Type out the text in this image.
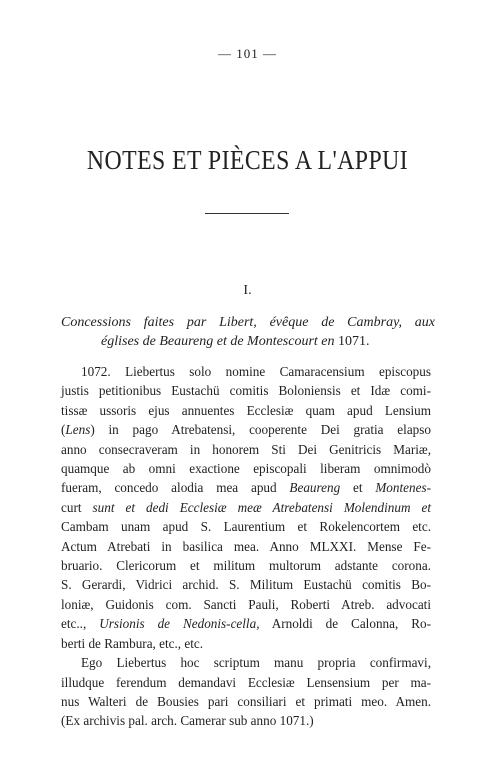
— 101 —
NOTES ET PIÈCES A L'APPUI
I.
Concessions faites par Libert, évêque de Cambray, aux
églises de Beaureng et de Montescourt en 1071.
1072. Liebertus solo nomine Camaracensium episcopus
justis petitionibus Eustachü comitis Boloniensis et Idæ comi-
tissæ ussoris ejus annuentes Ecclesiæ quam apud Lensium
(Lens) in pago Atrebatensi, cooperente Dei gratia elapso
anno consecraveram in honorem Sti Dei Genitricis Mariæ,
quamque ab omni exactione episcopali liberam omnimodò
fueram, concedo alodia mea apud Beaureng et Montenes-
curt sunt et dedi Ecclesiæ meæ Atrebatensi Molendinum et
Cambam unam apud S. Laurentium et Rokelencortem etc.
Actum Atrebati in basilica mea. Anno MLXXI. Mense Fe-
bruario. Clericorum et militum multorum adstante corona.
S. Gerardi, Vidrici archid. S. Militum Eustachü comitis Bo-
loniæ, Guidonis com. Sancti Pauli, Roberti Atreb. advocati
etc.., Ursionis de Nedonis-cella, Arnoldi de Calonna, Ro-
berti de Rambura, etc., etc.
Ego Liebertus hoc scriptum manu propria confirmavi,
illudque ferendum demandavi Ecclesiæ Lensensium per ma-
nus Walteri de Bousies pari consiliari et primati meo. Amen.
(Ex archivis pal. arch. Camerar sub anno 1071.)
